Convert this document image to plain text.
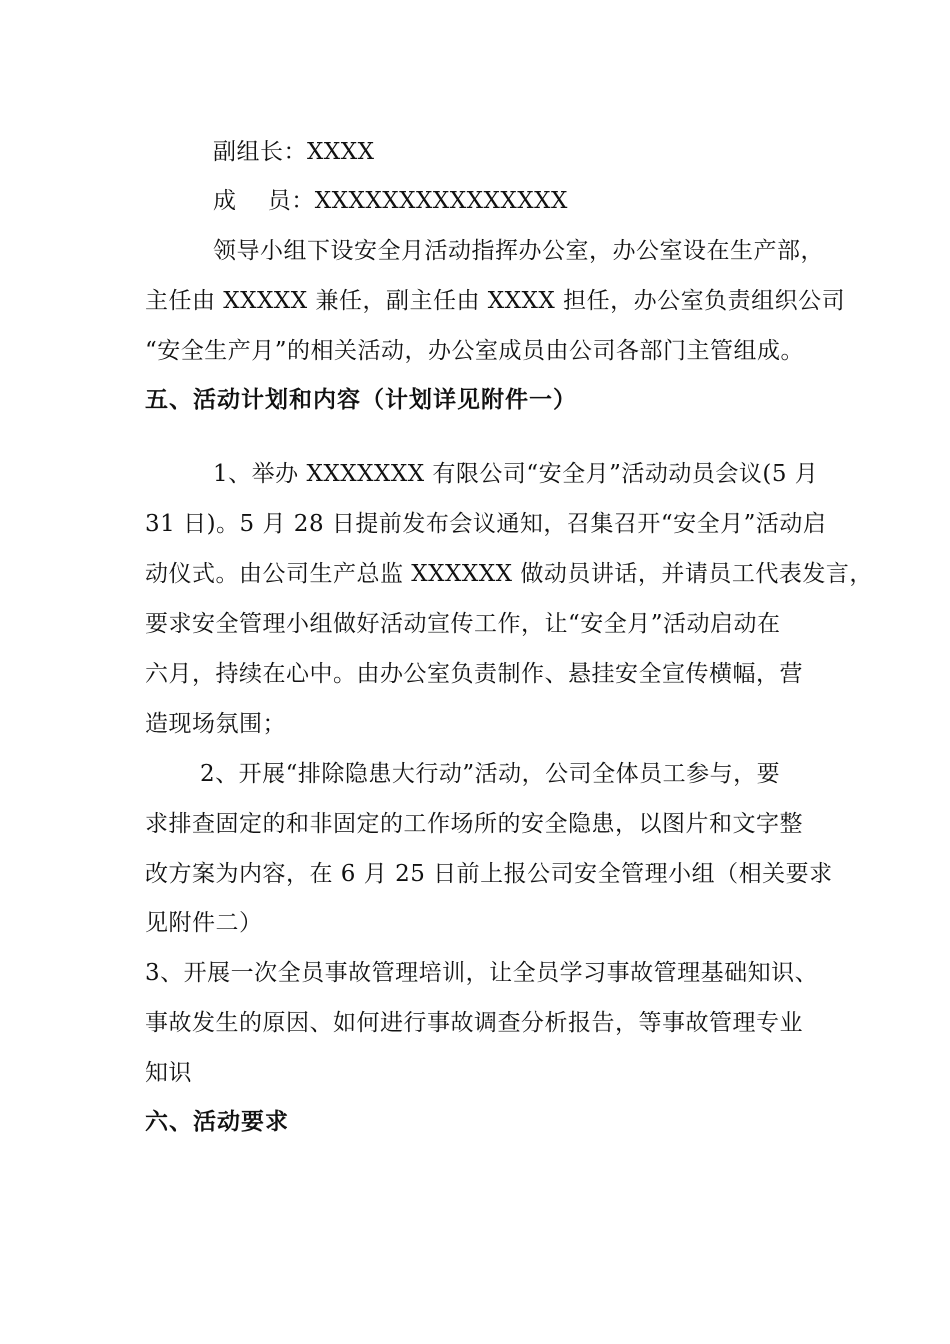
副组长：XXXX
成　 员：XXXXXXXXXXXXXXX
领导小组下设安全月活动指挥办公室，办公室设在生产部，
主任由 XXXXX 兼任，副主任由 XXXX 担任，办公室负责组织公司
“安全生产月”的相关活动，办公室成员由公司各部门主管组成。
五、活动计划和内容（计划详见附件一）
1、举办 XXXXXXX 有限公司“安全月”活动动员会议(5 月
31 日)。5 月 28 日提前发布会议通知，召集召开“安全月”活动启
动仪式。由公司生产总监 XXXXXX 做动员讲话，并请员工代表发言，
要求安全管理小组做好活动宣传工作，让“安全月”活动启动在
六月，持续在心中。由办公室负责制作、悬挂安全宣传横幅，营
造现场氛围；
2、开展“排除隐患大行动”活动，公司全体员工参与，要
求排查固定的和非固定的工作场所的安全隐患，以图片和文字整
改方案为内容，在 6 月 25 日前上报公司安全管理小组（相关要求
见附件二）
3、开展一次全员事故管理培训，让全员学习事故管理基础知识、
事故发生的原因、如何进行事故调查分析报告，等事故管理专业
知识
六、活动要求
